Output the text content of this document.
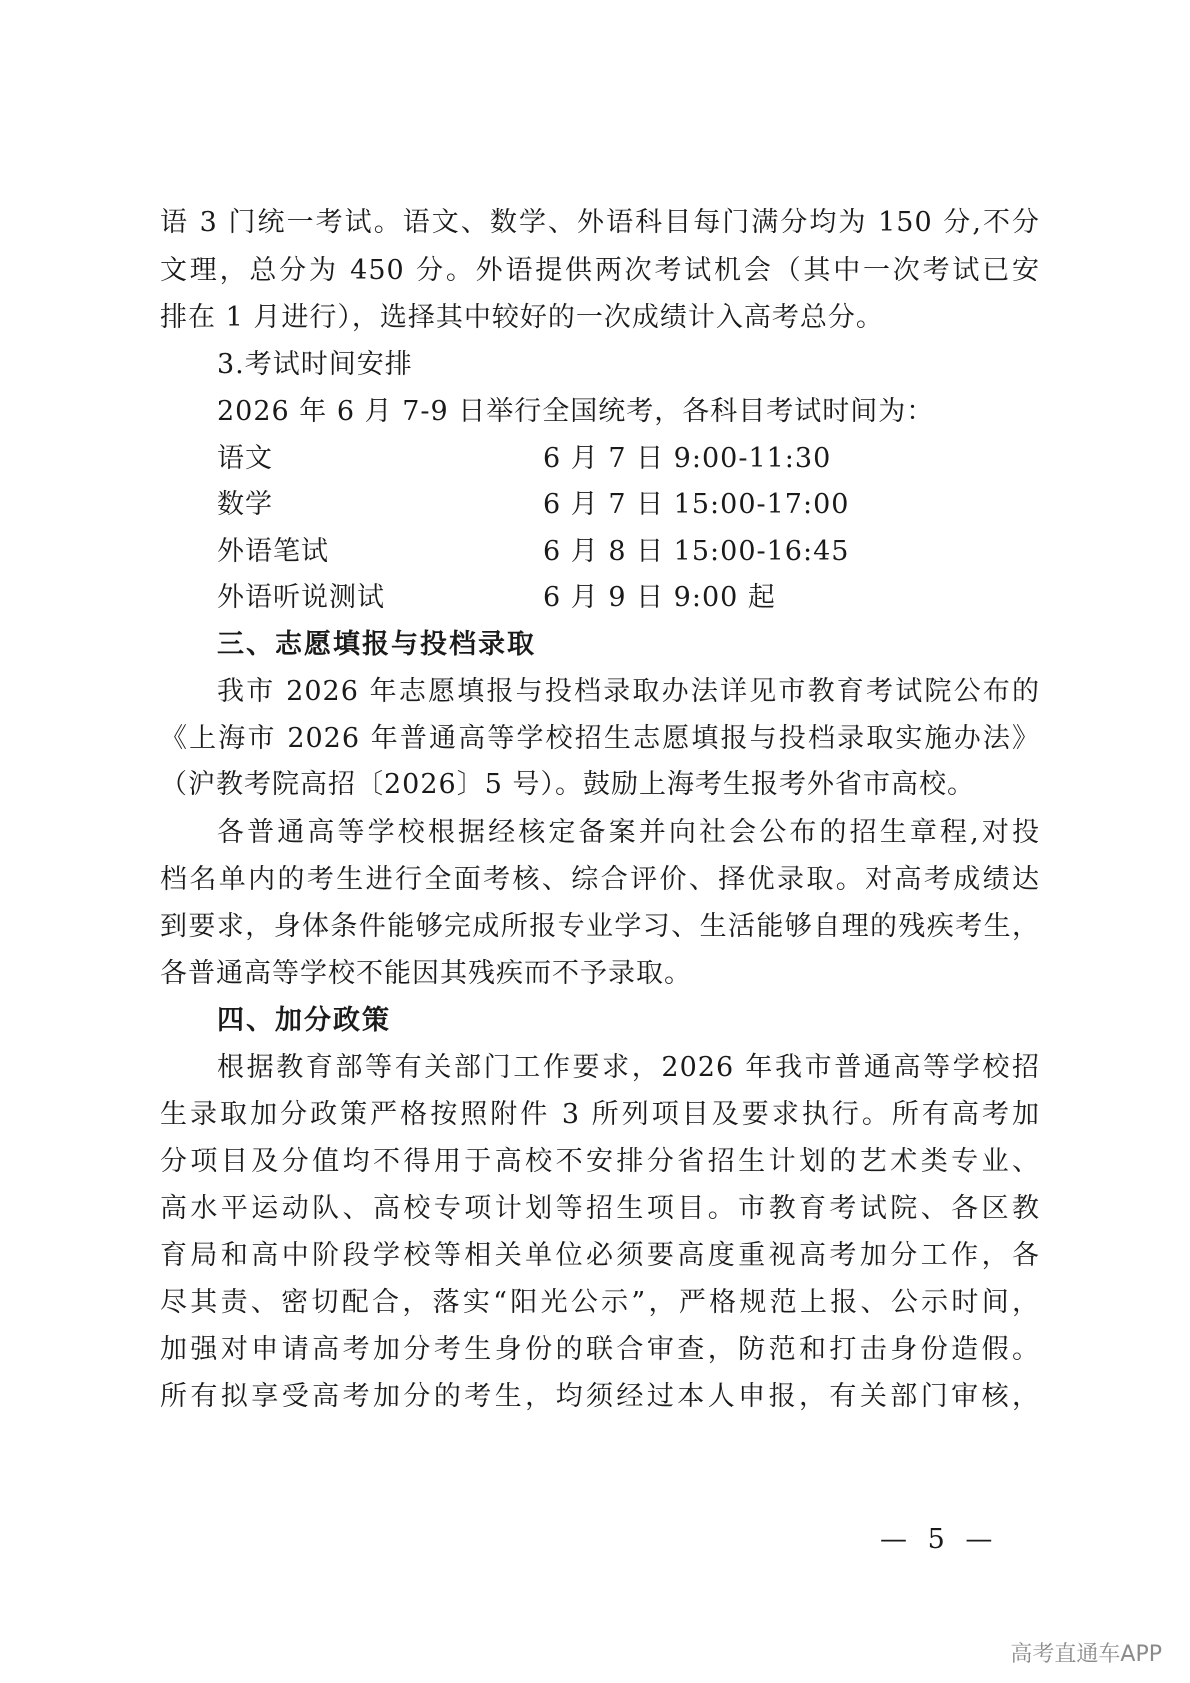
语 3 门统一考试。语文、数学、外语科目每门满分均为 150 分,不分
文理，总分为 450 分。外语提供两次考试机会（其中一次考试已安
排在 1 月进行），选择其中较好的一次成绩计入高考总分。
3.考试时间安排
2026 年 6 月 7-9 日举行全国统考，各科目考试时间为：
语文	6 月 7 日 9:00-11:30
数学	6 月 7 日 15:00-17:00
外语笔试	6 月 8 日 15:00-16:45
外语听说测试	6 月 9 日 9:00 起
三、志愿填报与投档录取
我市 2026 年志愿填报与投档录取办法详见市教育考试院公布的
《上海市 2026 年普通高等学校招生志愿填报与投档录取实施办法》
（沪教考院高招〔2026〕5 号）。鼓励上海考生报考外省市高校。
各普通高等学校根据经核定备案并向社会公布的招生章程,对投
档名单内的考生进行全面考核、综合评价、择优录取。对高考成绩达
到要求，身体条件能够完成所报专业学习、生活能够自理的残疾考生，
各普通高等学校不能因其残疾而不予录取。
四、加分政策
根据教育部等有关部门工作要求，2026 年我市普通高等学校招
生录取加分政策严格按照附件 3 所列项目及要求执行。所有高考加
分项目及分值均不得用于高校不安排分省招生计划的艺术类专业、
高水平运动队、高校专项计划等招生项目。市教育考试院、各区教
育局和高中阶段学校等相关单位必须要高度重视高考加分工作，各
尽其责、密切配合，落实“阳光公示”，严格规范上报、公示时间，
加强对申请高考加分考生身份的联合审查，防范和打击身份造假。
所有拟享受高考加分的考生，均须经过本人申报，有关部门审核，
— 5 —
高考直通车APP
